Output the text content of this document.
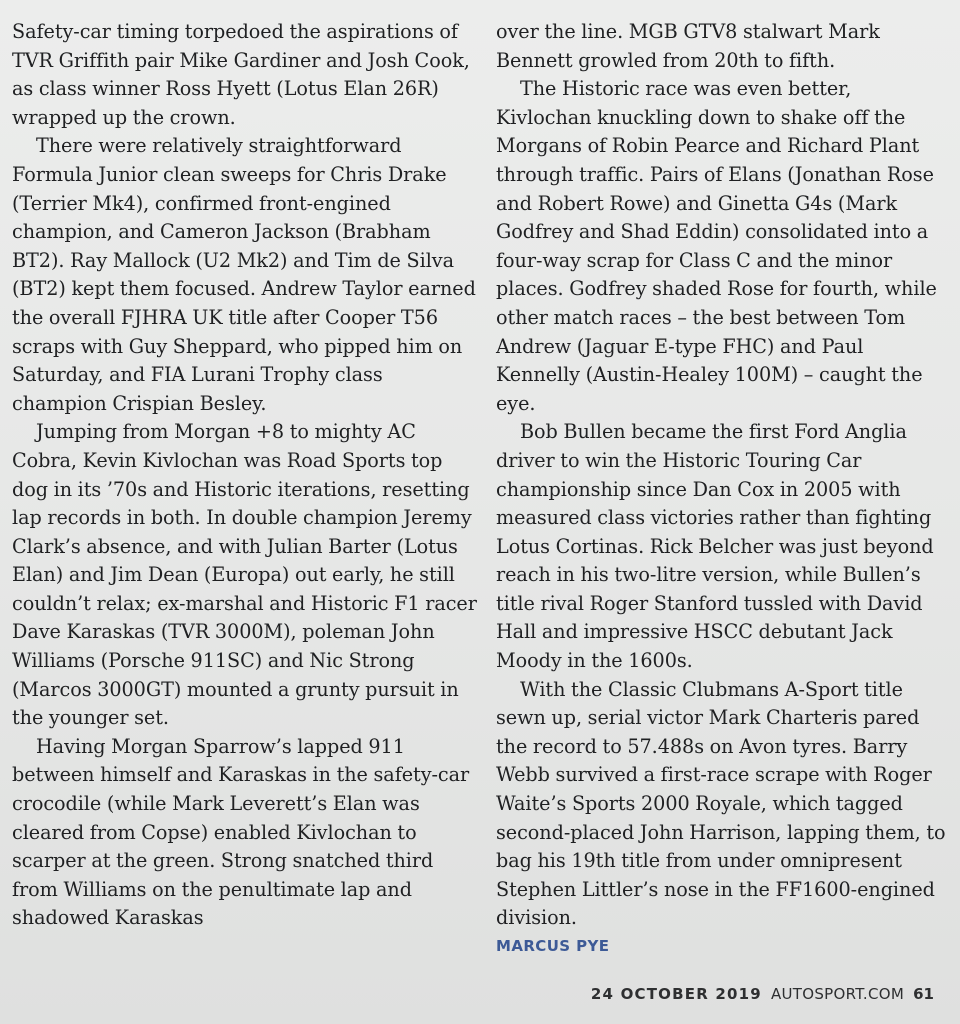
Safety-car timing torpedoed the aspirations of TVR Griffith pair Mike Gardiner and Josh Cook, as class winner Ross Hyett (Lotus Elan 26R) wrapped up the crown.

There were relatively straightforward Formula Junior clean sweeps for Chris Drake (Terrier Mk4), confirmed front-engined champion, and Cameron Jackson (Brabham BT2). Ray Mallock (U2 Mk2) and Tim de Silva (BT2) kept them focused. Andrew Taylor earned the overall FJHRA UK title after Cooper T56 scraps with Guy Sheppard, who pipped him on Saturday, and FIA Lurani Trophy class champion Crispian Besley.

Jumping from Morgan +8 to mighty AC Cobra, Kevin Kivlochan was Road Sports top dog in its ’70s and Historic iterations, resetting lap records in both. In double champion Jeremy Clark’s absence, and with Julian Barter (Lotus Elan) and Jim Dean (Europa) out early, he still couldn’t relax; ex-marshal and Historic F1 racer Dave Karaskas (TVR 3000M), poleman John Williams (Porsche 911SC) and Nic Strong (Marcos 3000GT) mounted a grunty pursuit in the younger set.

Having Morgan Sparrow’s lapped 911 between himself and Karaskas in the safety-car crocodile (while Mark Leverett’s Elan was cleared from Copse) enabled Kivlochan to scarper at the green. Strong snatched third from Williams on the penultimate lap and shadowed Karaskas

over the line. MGB GTV8 stalwart Mark Bennett growled from 20th to fifth.

The Historic race was even better, Kivlochan knuckling down to shake off the Morgans of Robin Pearce and Richard Plant through traffic. Pairs of Elans (Jonathan Rose and Robert Rowe) and Ginetta G4s (Mark Godfrey and Shad Eddin) consolidated into a four-way scrap for Class C and the minor places. Godfrey shaded Rose for fourth, while other match races – the best between Tom Andrew (Jaguar E-type FHC) and Paul Kennelly (Austin-Healey 100M) – caught the eye.

Bob Bullen became the first Ford Anglia driver to win the Historic Touring Car championship since Dan Cox in 2005 with measured class victories rather than fighting Lotus Cortinas. Rick Belcher was just beyond reach in his two-litre version, while Bullen’s title rival Roger Stanford tussled with David Hall and impressive HSCC debutant Jack Moody in the 1600s.

With the Classic Clubmans A-Sport title sewn up, serial victor Mark Charteris pared the record to 57.488s on Avon tyres. Barry Webb survived a first-race scrape with Roger Waite’s Sports 2000 Royale, which tagged second-placed John Harrison, lapping them, to bag his 19th title from under omnipresent Stephen Littler’s nose in the FF1600-engined division.

MARCUS PYE
24 OCTOBER 2019 AUTOSPORT.COM 61
